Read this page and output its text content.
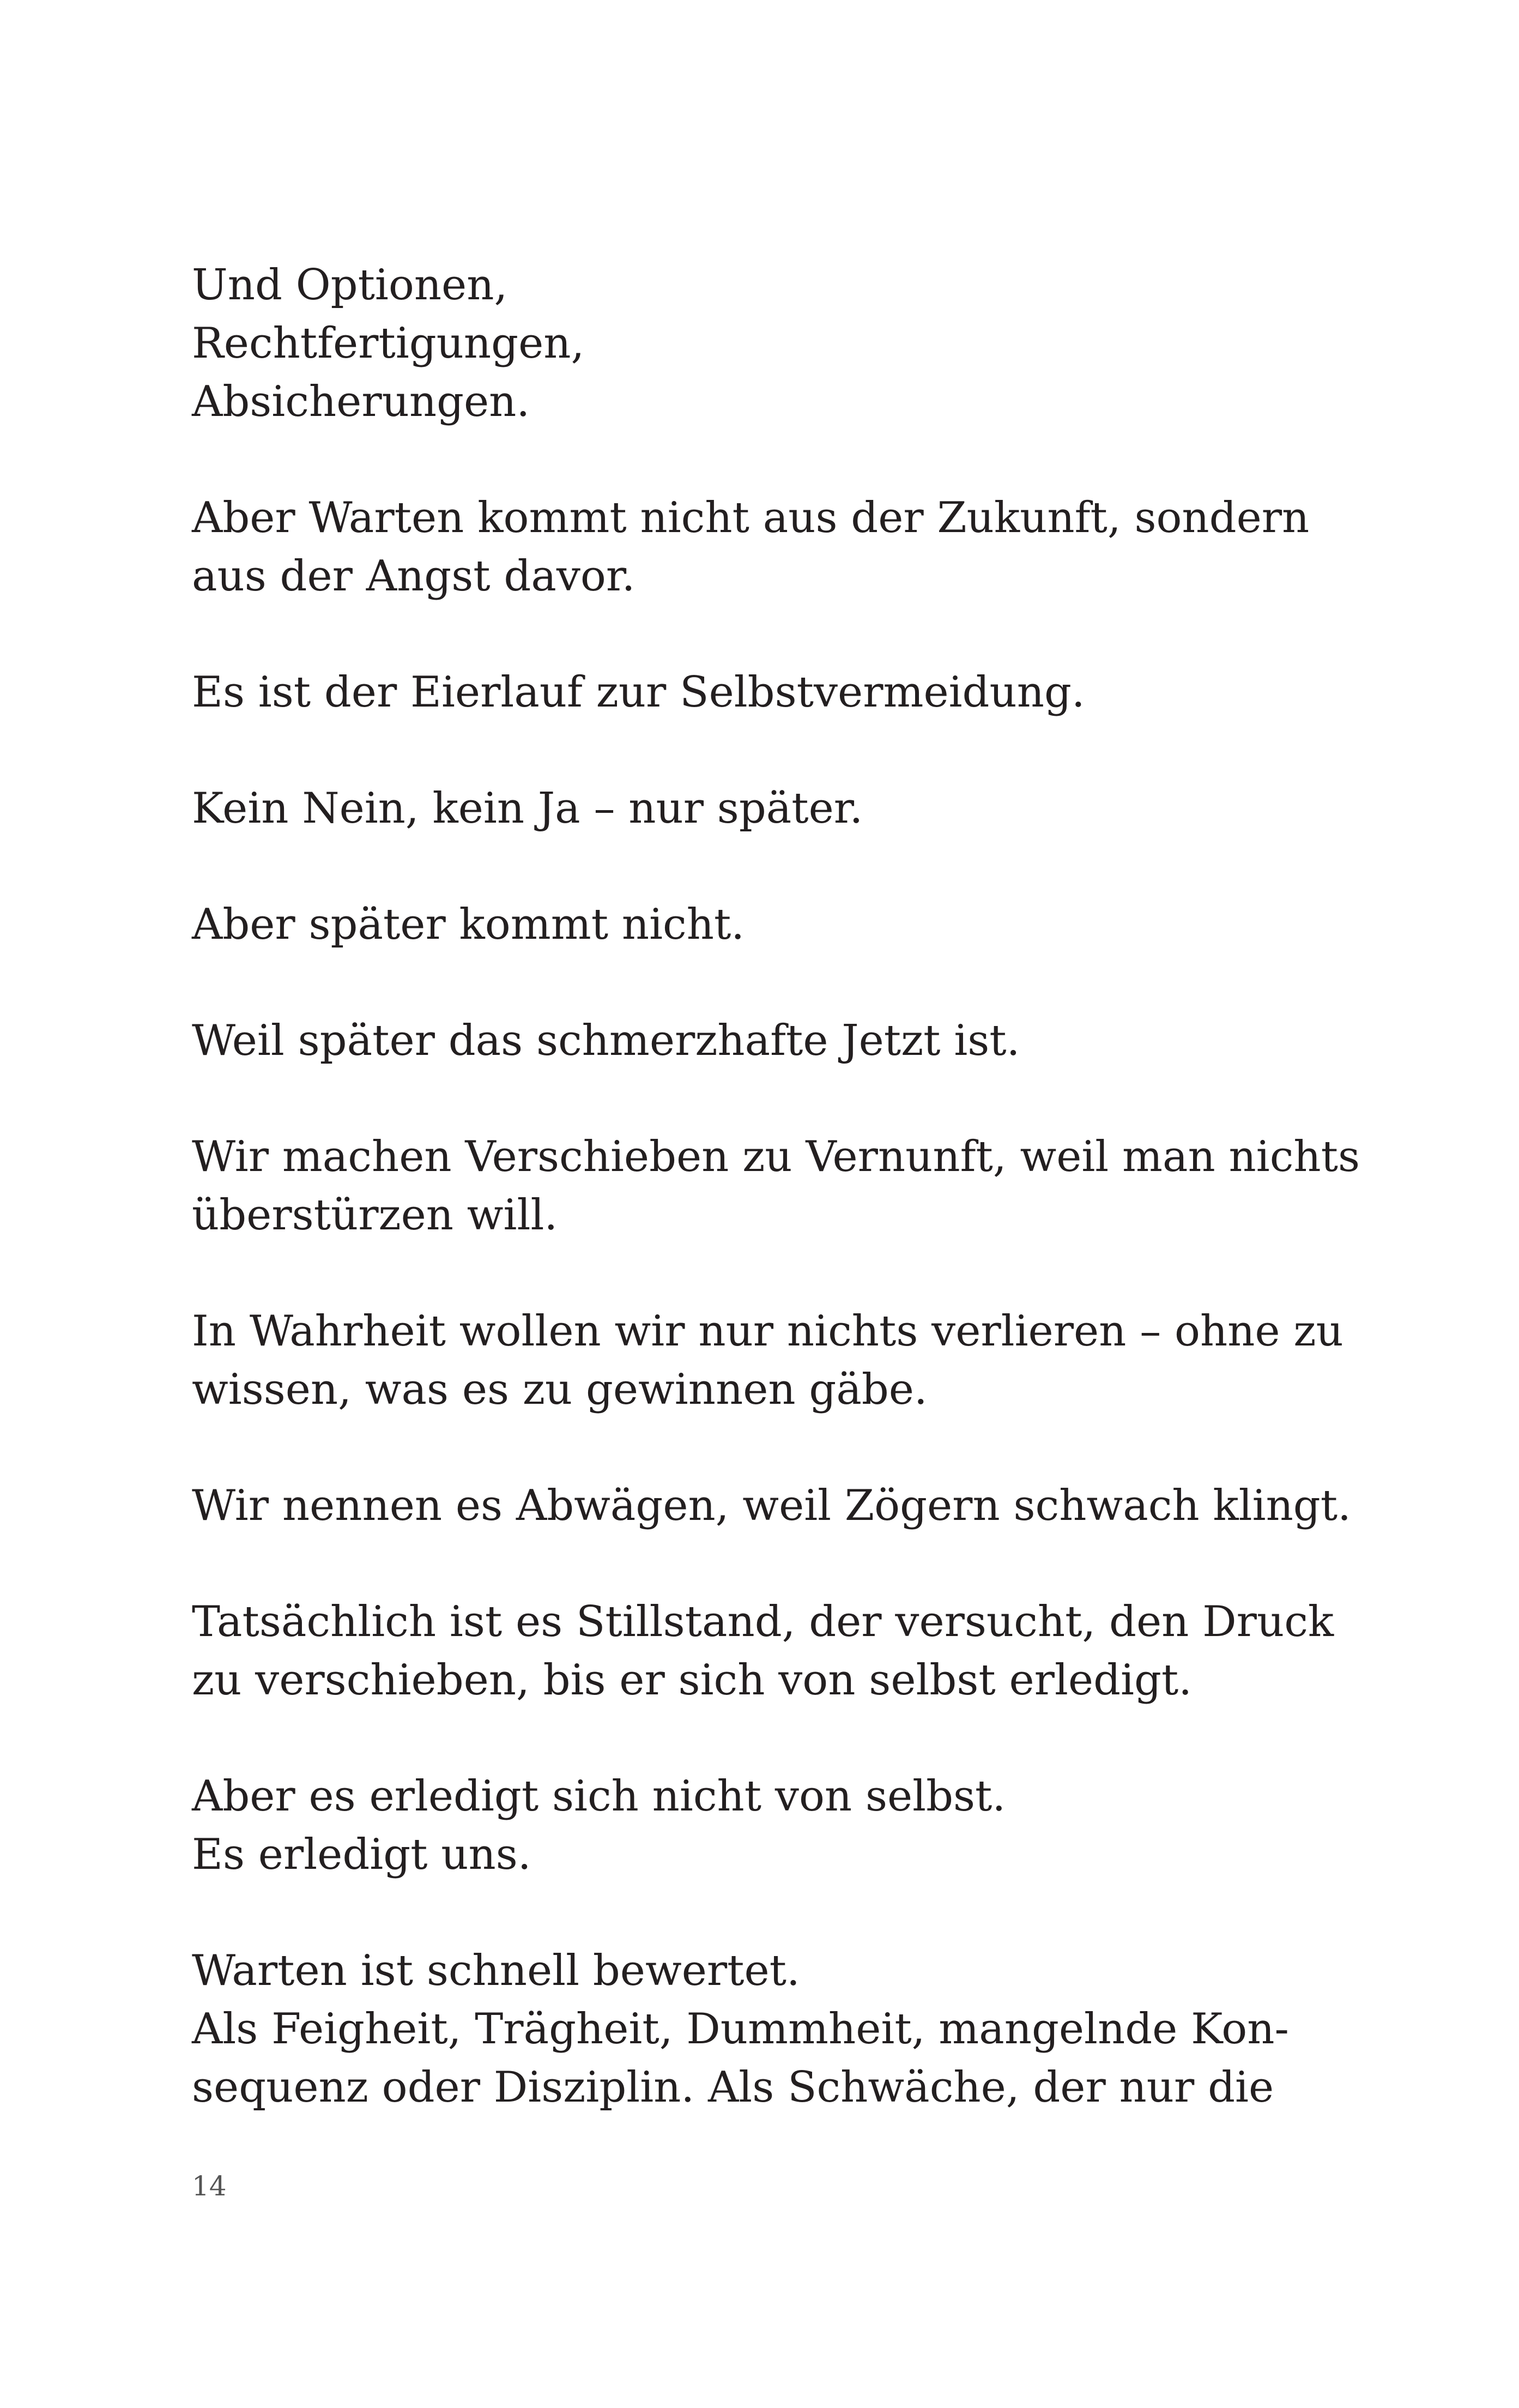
Und Optionen,
Rechtfertigungen,
Absicherungen.

Aber Warten kommt nicht aus der Zukunft, sondern
aus der Angst davor.

Es ist der Eierlauf zur Selbstvermeidung.

Kein Nein, kein Ja – nur später.

Aber später kommt nicht.

Weil später das schmerzhafte Jetzt ist.

Wir machen Verschieben zu Vernunft, weil man nichts
überstürzen will.

In Wahrheit wollen wir nur nichts verlieren – ohne zu
wissen, was es zu gewinnen gäbe.

Wir nennen es Abwägen, weil Zögern schwach klingt.

Tatsächlich ist es Stillstand, der versucht, den Druck
zu verschieben, bis er sich von selbst erledigt.

Aber es erledigt sich nicht von selbst.
Es erledigt uns.

Warten ist schnell bewertet.
Als Feigheit, Trägheit, Dummheit, mangelnde Kon-
sequenz oder Disziplin. Als Schwäche, der nur die

14
